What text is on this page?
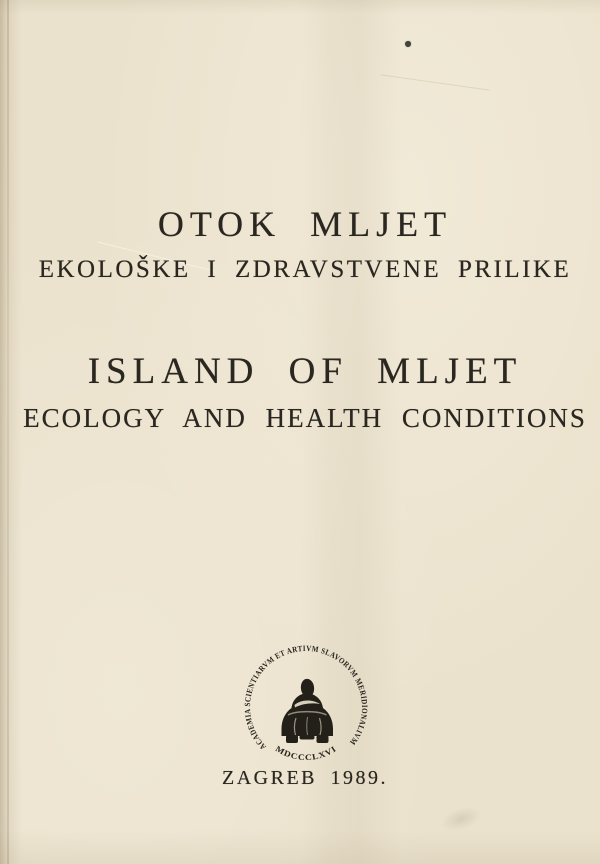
OTOK MLJET
EKOLOŠKE I ZDRAVSTVENE PRILIKE
ISLAND OF MLJET
ECOLOGY AND HEALTH CONDITIONS
ZAGREB 1989.
ACADEMIA SCIENTIARVM ET ARTIVM SLAVORVM MERIDIONALIVM
MDCCCLXVI
